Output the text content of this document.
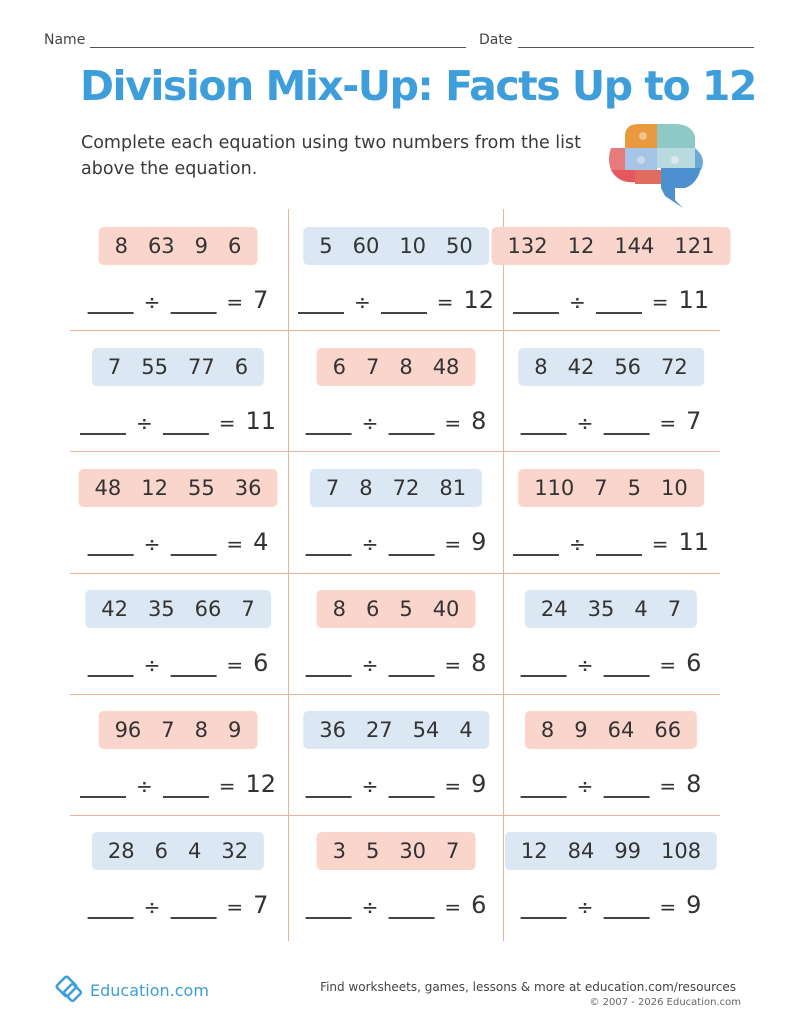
Name	Date
Division Mix-Up: Facts Up to 12
Complete each equation using two numbers from the list above the equation.
8 63 9 6
÷	= 7
5 60 10 50
÷	= 12
132 12 144 121
÷	= 11
7 55 77 6
÷	= 11
6 7 8 48
÷	= 8
8 42 56 72
÷	= 7
48 12 55 36
÷	= 4
7 8 72 81
÷	= 9
110 7 5 10
÷	= 11
42 35 66 7
÷	= 6
8 6 5 40
÷	= 8
24 35 4 7
÷	= 6
96 7 8 9
÷	= 12
36 27 54 4
÷	= 9
8 9 64 66
÷	= 8
28 6 4 32
÷	= 7
3 5 30 7
÷	= 6
12 84 99 108
÷	= 9
Education.com	Find worksheets, games, lessons & more at education.com/resources
© 2007 - 2026 Education.com
